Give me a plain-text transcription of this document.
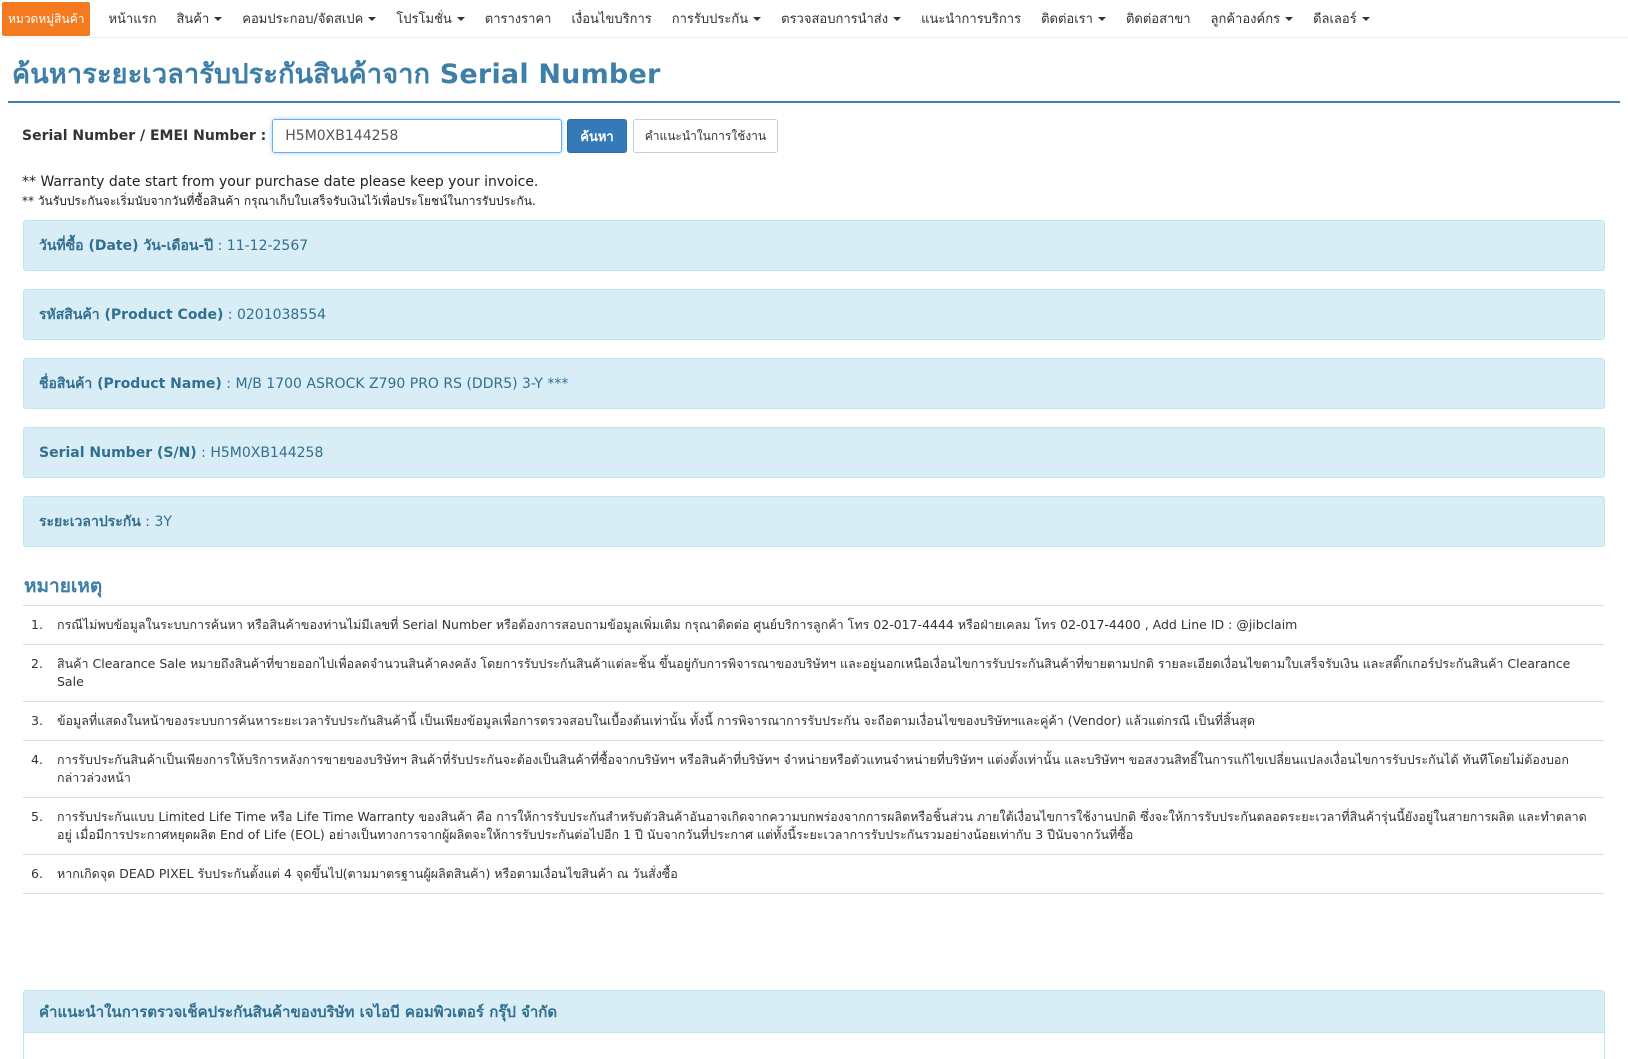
หมวดหมู่สินค้า	หน้าแรก สินค้า	คอมประกอบ/จัดสเปค	โปรโมชั่น	ตารางราคา เงื่อนไขบริการ การรับประกัน	ตรวจสอบการนำส่ง	แนะนำการบริการ ติดต่อเรา	ติดต่อสาขา ลูกค้าองค์กร	ดีลเลอร์
ค้นหาระยะเวลารับประกันสินค้าจาก Serial Number
Serial Number / EMEI Number :
H5M0XB144258	ค้นหา	คำแนะนำในการใช้งาน
** Warranty date start from your purchase date please keep your invoice.
** วันรับประกันจะเริ่มนับจากวันที่ซื้อสินค้า กรุณาเก็บใบเสร็จรับเงินไว้เพื่อประโยชน์ในการรับประกัน.
วันที่ซื้อ (Date) วัน-เดือน-ปี : 11-12-2567
รหัสสินค้า (Product Code) : 0201038554
ชื่อสินค้า (Product Name) : M/B 1700 ASROCK Z790 PRO RS (DDR5) 3-Y ***
Serial Number (S/N) : H5M0XB144258
ระยะเวลาประกัน : 3Y
หมายเหตุ
1.	กรณีไม่พบข้อมูลในระบบการค้นหา หรือสินค้าของท่านไม่มีเลขที่ Serial Number หรือต้องการสอบถามข้อมูลเพิ่มเติม กรุณาติดต่อ ศูนย์บริการลูกค้า โทร 02-017-4444 หรือฝ่ายเคลม โทร 02-017-4400 , Add Line ID : @jibclaim
2.	สินค้า Clearance Sale หมายถึงสินค้าที่ขายออกไปเพื่อลดจำนวนสินค้าคงคลัง โดยการรับประกันสินค้าแต่ละชิ้น ขึ้นอยู่กับการพิจารณาของบริษัทฯ และอยู่นอกเหนือเงื่อนไขการรับประกันสินค้าที่ขายตามปกติ รายละเอียดเงื่อนไขตามใบเสร็จรับเงิน และสติ๊กเกอร์ประกันสินค้า Clearance Sale
3.	ข้อมูลที่แสดงในหน้าของระบบการค้นหาระยะเวลารับประกันสินค้านี้ เป็นเพียงข้อมูลเพื่อการตรวจสอบในเบื้องต้นเท่านั้น ทั้งนี้ การพิจารณาการรับประกัน จะถือตามเงื่อนไขของบริษัทฯและคู่ค้า (Vendor) แล้วแต่กรณี เป็นที่สิ้นสุด
4.	การรับประกันสินค้าเป็นเพียงการให้บริการหลังการขายของบริษัทฯ สินค้าที่รับประกันจะต้องเป็นสินค้าที่ซื้อจากบริษัทฯ หรือสินค้าที่บริษัทฯ จำหน่ายหรือตัวแทนจำหน่ายที่บริษัทฯ แต่งตั้งเท่านั้น และบริษัทฯ ขอสงวนสิทธิ์ในการแก้ไขเปลี่ยนแปลงเงื่อนไขการรับประกันได้ ทันทีโดยไม่ต้องบอกกล่าวล่วงหน้า
5.	การรับประกันแบบ Limited Life Time หรือ Life Time Warranty ของสินค้า คือ การให้การรับประกันสำหรับตัวสินค้าอันอาจเกิดจากความบกพร่องจากการผลิตหรือชิ้นส่วน ภายใต้เงื่อนไขการใช้งานปกติ ซึ่งจะให้การรับประกันตลอดระยะเวลาที่สินค้ารุ่นนี้ยังอยู่ในสายการผลิต และทำตลาดอยู่ เมื่อมีการประกาศหยุดผลิต End of Life (EOL) อย่างเป็นทางการจากผู้ผลิตจะให้การรับประกันต่อไปอีก 1 ปี นับจากวันที่ประกาศ แต่ทั้งนี้ระยะเวลาการรับประกันรวมอย่างน้อยเท่ากับ 3 ปีนับจากวันที่ซื้อ
6.	หากเกิดจุด DEAD PIXEL รับประกันตั้งแต่ 4 จุดขึ้นไป(ตามมาตรฐานผู้ผลิตสินค้า) หรือตามเงื่อนไขสินค้า ณ วันสั่งซื้อ
คำแนะนำในการตรวจเช็คประกันสินค้าของบริษัท เจไอบี คอมพิวเตอร์ กรุ๊ป จำกัด
